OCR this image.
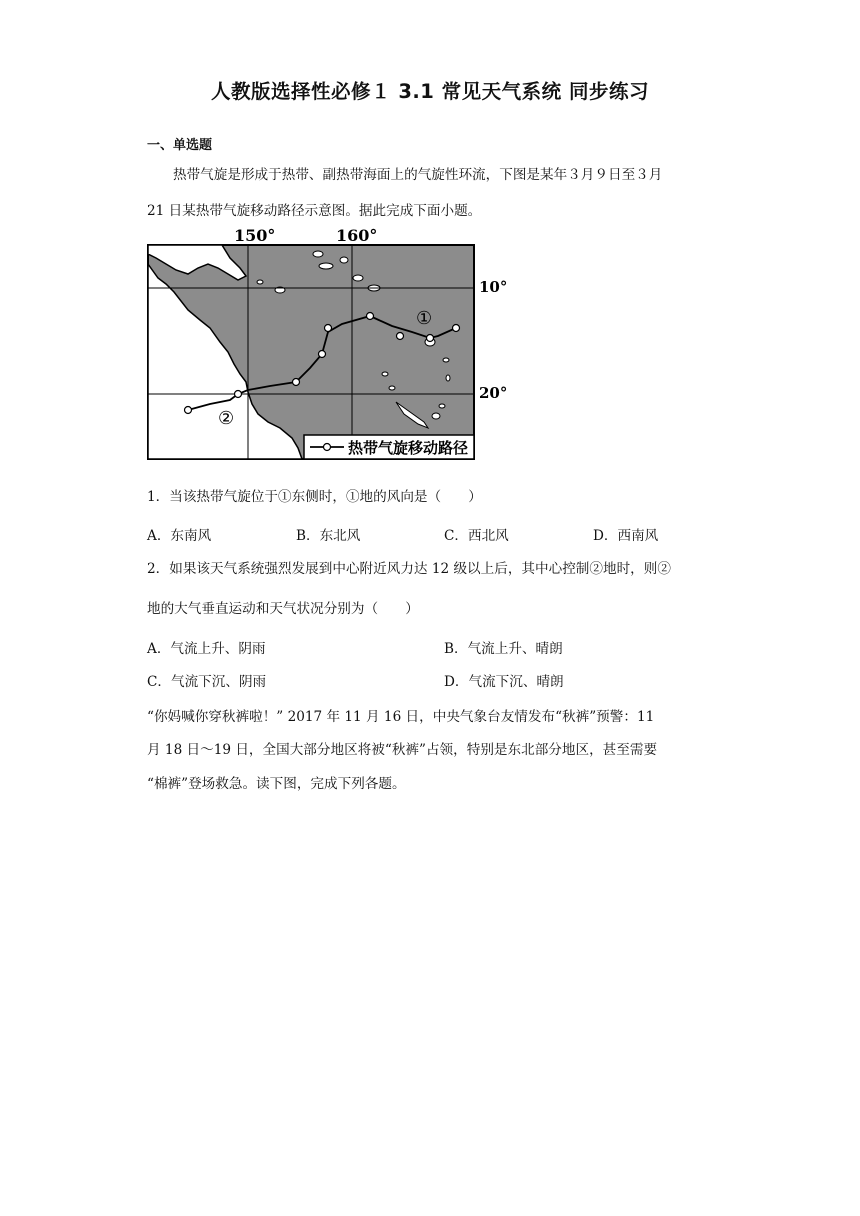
人教版选择性必修１ 3.1 常见天气系统 同步练习
一、单选题
热带气旋是形成于热带、副热带海面上的气旋性环流，下图是某年３月９日至３月
21 日某热带气旋移动路径示意图。据此完成下面小题。
150°	160°
10°
20°
①
②
热带气旋移动路径
1．当该热带气旋位于①东侧时，①地的风向是（　　）
A．东南风	B．东北风	C．西北风	D．西南风
2．如果该天气系统强烈发展到中心附近风力达 12 级以上后，其中心控制②地时，则②
地的大气垂直运动和天气状况分别为（　　）
A．气流上升、阴雨	B．气流上升、晴朗
C．气流下沉、阴雨	D．气流下沉、晴朗
“你妈喊你穿秋裤啦！” 2017 年 11 月 16 日，中央气象台友情发布“秋裤”预警：11
月 18 日～19 日，全国大部分地区将被“秋裤”占领，特别是东北部分地区，甚至需要
“棉裤”登场救急。读下图，完成下列各题。
